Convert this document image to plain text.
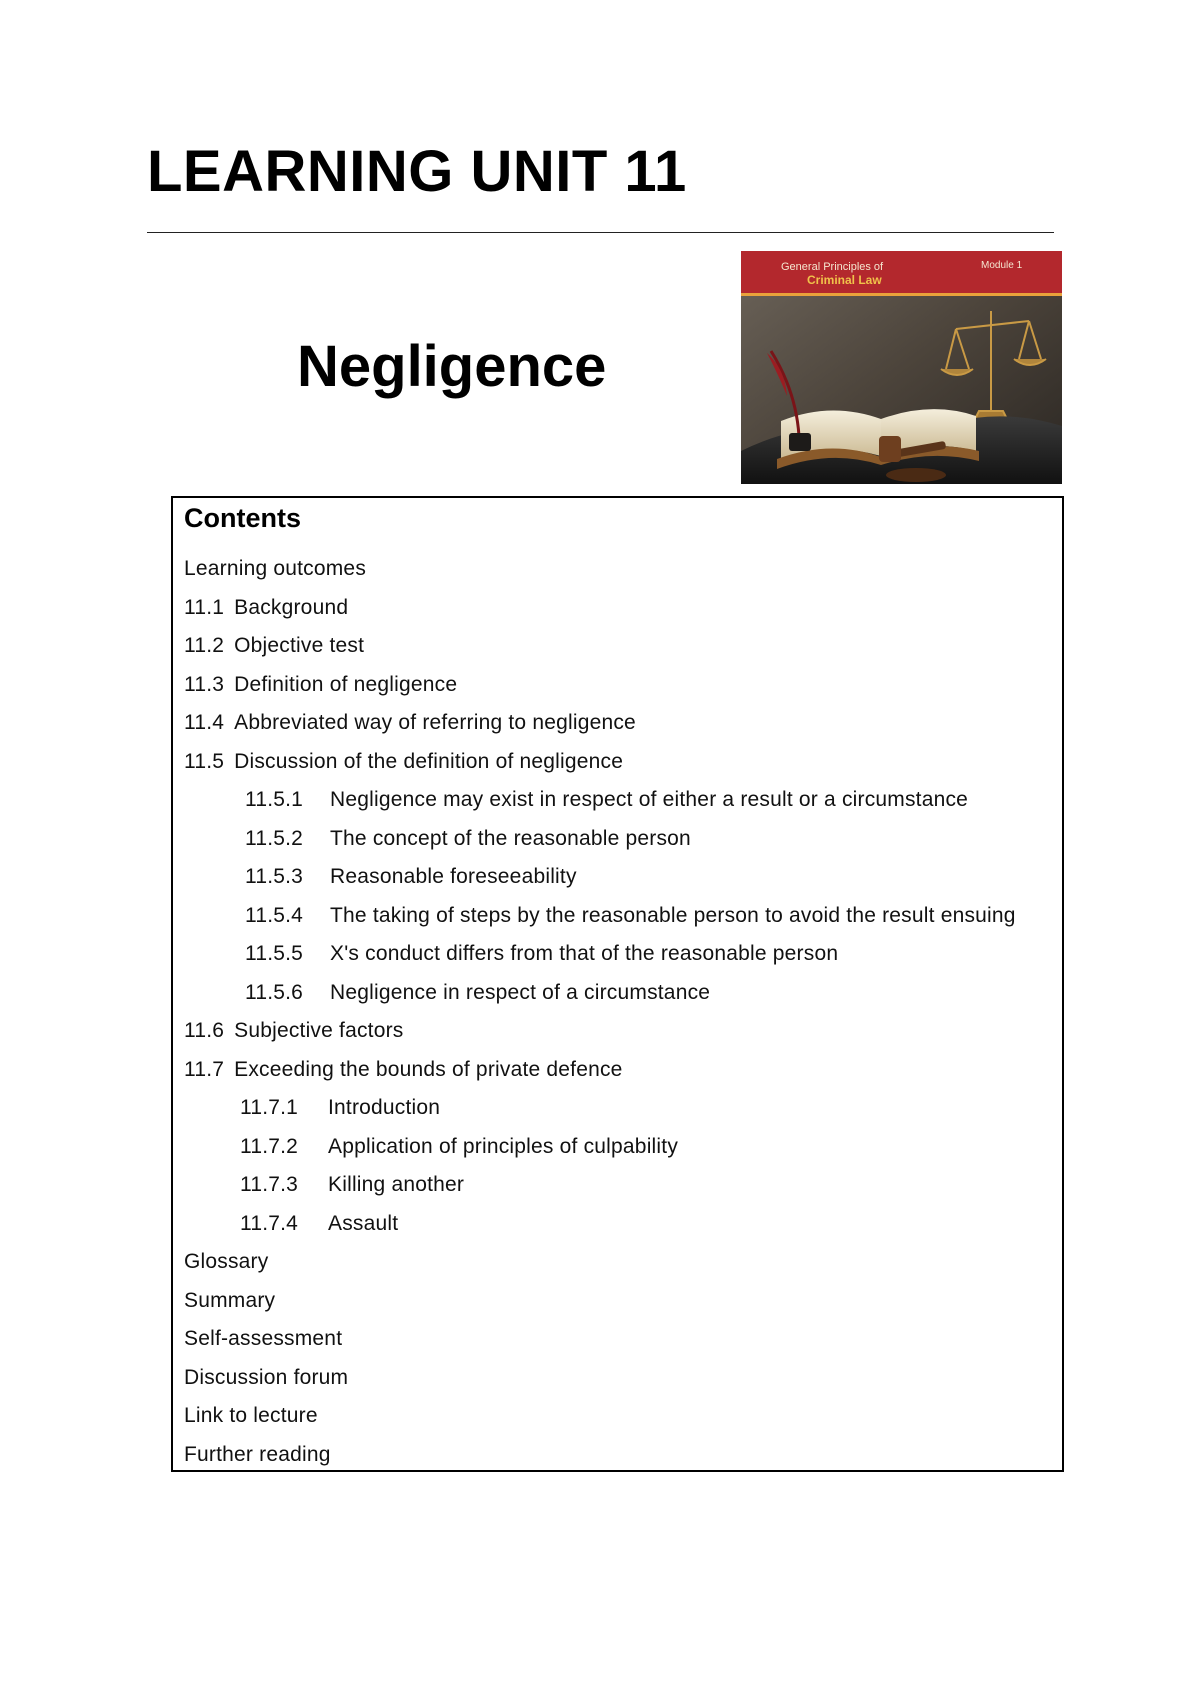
LEARNING UNIT 11
Negligence
General Principles of
Criminal Law
Module 1
Contents
Learning outcomes
11.1 Background
11.2 Objective test
11.3 Definition of negligence
11.4 Abbreviated way of referring to negligence
11.5 Discussion of the definition of negligence
11.5.1 Negligence may exist in respect of either a result or a circumstance
11.5.2 The concept of the reasonable person
11.5.3 Reasonable foreseeability
11.5.4 The taking of steps by the reasonable person to avoid the result ensuing
11.5.5 X's conduct differs from that of the reasonable person
11.5.6 Negligence in respect of a circumstance
11.6 Subjective factors
11.7 Exceeding the bounds of private defence
11.7.1 Introduction
11.7.2 Application of principles of culpability
11.7.3 Killing another
11.7.4 Assault
Glossary
Summary
Self-assessment
Discussion forum
Link to lecture
Further reading
